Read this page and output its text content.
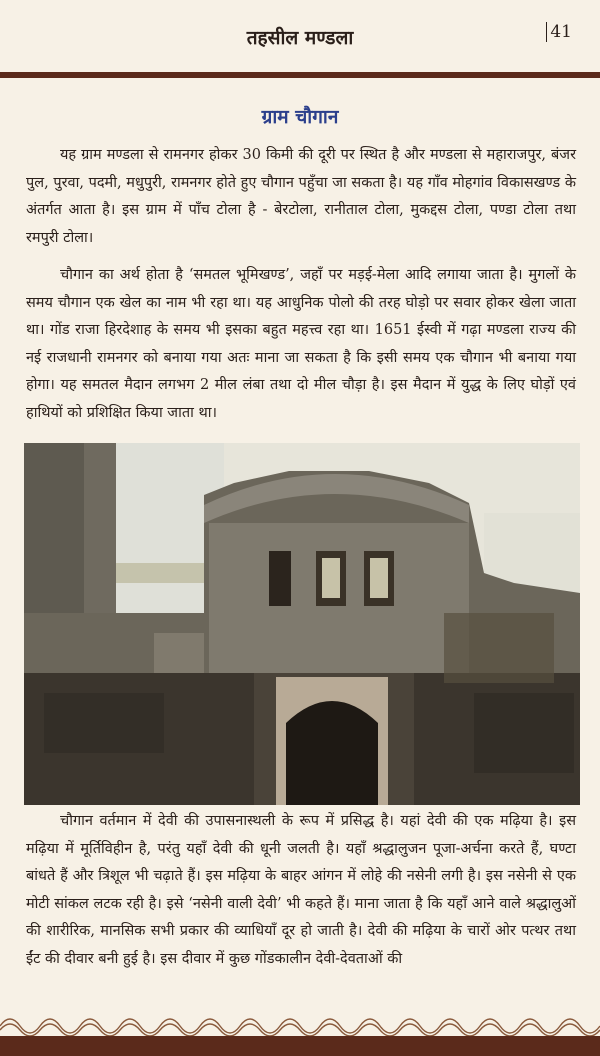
तहसील मण्डला	41
ग्राम चौगान

यह ग्राम मण्डला से रामनगर होकर 30 किमी की दूरी पर स्थित है और मण्डला से महाराजपुर, बंजर पुल, पुरवा, पदमी, मधुपुरी, रामनगर होते हुए चौगान पहुँचा जा सकता है। यह गाँव मोहगांव विकासखण्ड के अंतर्गत आता है। इस ग्राम में पाँच टोला है - बेरटोला, रानीताल टोला, मुकद्दस टोला, पण्डा टोला तथा रमपुरी टोला।

चौगान का अर्थ होता है ‘समतल भूमिखण्ड’, जहाँ पर मड़ई-मेला आदि लगाया जाता है। मुगलों के समय चौगान एक खेल का नाम भी रहा था। यह आधुनिक पोलो की तरह घोड़ो पर सवार होकर खेला जाता था। गोंड राजा हिरदेशाह के समय भी इसका बहुत महत्त्व रहा था। 1651 ईस्वी में गढ़ा मण्डला राज्य की नई राजधानी रामनगर को बनाया गया अतः माना जा सकता है कि इसी समय एक चौगान भी बनाया गया होगा। यह समतल मैदान लगभग 2 मील लंबा तथा दो मील चौड़ा है। इस मैदान में युद्ध के लिए घोड़ों एवं हाथियों को प्रशिक्षित किया जाता था।

चौगान वर्तमान में देवी की उपासनास्थली के रूप में प्रसिद्ध है। यहां देवी की एक मढ़िया है। इस मढ़िया में मूर्तिविहीन है, परंतु यहाँ देवी की धूनी जलती है। यहाँ श्रद्धालुजन पूजा-अर्चना करते हैं, घण्टा बांधते हैं और त्रिशूल भी चढ़ाते हैं। इस मढ़िया के बाहर आंगन में लोहे की नसेनी लगी है। इस नसेनी से एक मोटी सांकल लटक रही है। इसे ‘नसेनी वाली देवी’ भी कहते हैं। माना जाता है कि यहाँ आने वाले श्रद्धालुओं की शारीरिक, मानसिक सभी प्रकार की व्याधियाँ दूर हो जाती है। देवी की मढ़िया के चारों ओर पत्थर तथा ईंट की दीवार बनी हुई है। इस दीवार में कुछ गोंडकालीन देवी-देवताओं की
